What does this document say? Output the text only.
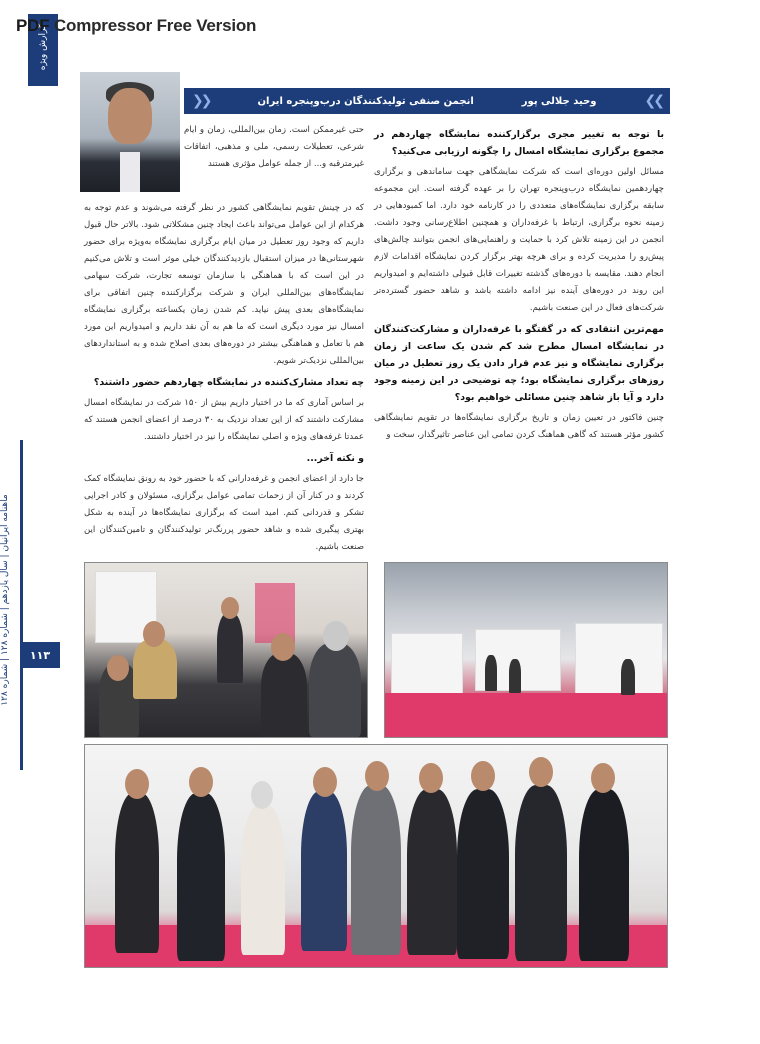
PDF Compressor Free Version
گزارش ویژه
ماهنامه ایرانیان | سال یازدهم | شماره ۱۲۸ | شماره ۱۲۸
۱۱۳
❯❯
وحید جلالی پور
انجمن صنفی تولیدکنندگان درب‌وپنجره ایران
❮❮

با توجه به تغییر مجری برگزارکننده نمایشگاه چهاردهم در مجموع برگزاری نمایشگاه امسال را چگونه ارزیابی می‌کنید؟

مسائل اولین دوره‌ای است که شرکت نمایشگاهی جهت ساماندهی و برگزاری چهاردهمین نمایشگاه درب‌وپنجره تهران را بر عهده گرفته است. این مجموعه سابقه برگزاری نمایشگاه‌های متعددی را در کارنامه خود دارد. اما کمبودهایی در زمینه نحوه برگزاری، ارتباط با غرفه‌داران و همچنین اطلاع‌رسانی وجود داشت. انجمن در این زمینه تلاش کرد با حمایت و راهنمایی‌های انجمن بتوانند چالش‌های پیش‌رو را مدیریت کرده و برای هرچه بهتر برگزار کردن نمایشگاه اقدامات لازم انجام دهند. مقایسه با دوره‌های گذشته تغییرات قابل قبولی داشته‌ایم و امیدواریم این روند در دوره‌های آینده نیز ادامه داشته باشد و شاهد حضور گسترده‌تر شرکت‌های فعال در این صنعت باشیم.

مهم‌ترین انتقادی که در گفتگو با غرفه‌داران و مشارکت‌کنندگان در نمایشگاه امسال مطرح شد کم شدن یک ساعت از زمان برگزاری نمایشگاه و نیز عدم قرار دادن یک روز تعطیل در میان روزهای برگزاری نمایشگاه بود؛ چه توضیحی در این زمینه وجود دارد و آیا باز شاهد چنین مسائلی خواهیم بود؟

چنین فاکتور در تعیین زمان و تاریخ برگزاری نمایشگاه‌ها در تقویم نمایشگاهی کشور مؤثر هستند که گاهی هماهنگ کردن تمامی این عناصر تاثیرگذار، سخت و

حتی غیرممکن است. زمان بین‌المللی، زمان و ایام شرعی، تعطیلات رسمی، ملی و مذهبی، اتفاقات غیرمترقبه و... از جمله عوامل مؤثری هستند

که در چینش تقویم نمایشگاهی کشور در نظر گرفته می‌شوند و عدم توجه به هرکدام از این عوامل می‌تواند باعث ایجاد چنین مشکلاتی شود. بالاتر حال قبول داریم که وجود روز تعطیل در میان ایام برگزاری نمایشگاه به‌ویژه برای حضور شهرستانی‌ها در میزان استقبال بازدیدکنندگان خیلی موثر است و تلاش می‌کنیم در این است که با هماهنگی با سازمان توسعه تجارت، شرکت سهامی نمایشگاه‌های بین‌المللی ایران و شرکت برگزارکننده چنین اتفاقی برای نمایشگاه‌های بعدی پیش نیاید. کم شدن زمان یکساعته برگزاری نمایشگاه امسال نیز مورد دیگری است که ما هم به آن نقد داریم و امیدواریم این مورد هم با تعامل و هماهنگی بیشتر در دوره‌های بعدی اصلاح شده و به استانداردهای بین‌المللی نزدیک‌تر شویم.

چه تعداد مشارک‌کننده در نمایشگاه چهاردهم حضور داشتند؟

بر اساس آماری که ما در اختیار داریم بیش از ۱۵۰ شرکت در نمایشگاه امسال مشارکت داشتند که از این تعداد نزدیک به ۳۰ درصد از اعضای انجمن هستند که عمدتا غرفه‌های ویژه و اصلی نمایشگاه را نیز در اختیار داشتند.

و نکته آخر...

جا دارد از اعضای انجمن و غرفه‌دارانی که با حضور خود به رونق نمایشگاه کمک کردند و در کنار آن از زحمات تمامی عوامل برگزاری، مسئولان و کادر اجرایی تشکر و قدردانی کنم. امید است که برگزاری نمایشگاه‌ها در آینده به شکل بهتری پیگیری شده و شاهد حضور پررنگ‌تر تولیدکنندگان و تامین‌کنندگان این صنعت باشیم.
